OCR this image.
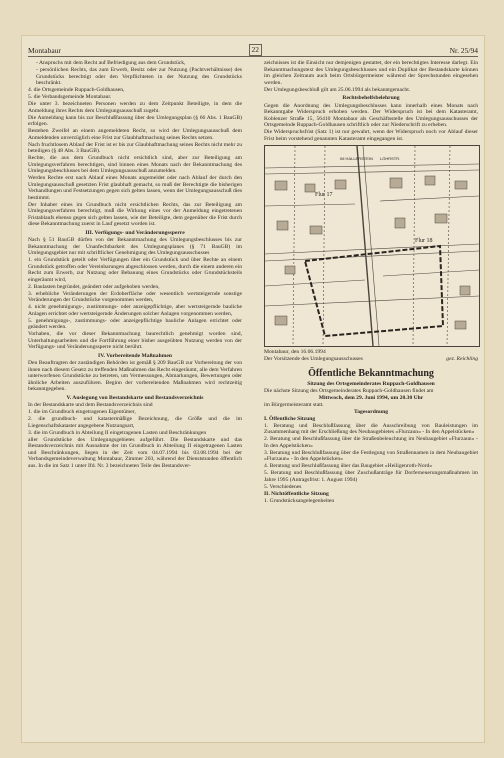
Montabaur	22	Nr. 25/94

- Anspruchs mit dem Recht auf Befriedigung aus dem Grundstück,

- persönlichen Rechts, das zum Erwerb, Besitz oder zur Nutzung (Pachtverhältnisse) des Grundstücks berechtigt oder den Verpflichteten in der Nutzung des Grundstücks beschränkt.

4. die Ortsgemeinde Ruppach-Goldhausen,

5. die Verbandsgemeinde Montabaur.

Die unter 3. bezeichneten Personen werden zu dem Zeitpunkt Beteiligte, in dem die Anmeldung ihres Rechts dem Umlegungsausschuß zugeht.

Die Anmeldung kann bis zur Beschlußfassung über den Umlegungsplan (§ 66 Abs. 1 BauGB) erfolgen.

Bestehen Zweifel an einem angemeldeten Recht, so wird der Umlegungsausschuß dem Anmeldenden unverzüglich eine Frist zur Glaubhaftmachung seines Rechts setzen.

Nach fruchtlosem Ablauf der Frist ist er bis zur Glaubhaftmachung seines Rechts nicht mehr zu beteiligen (§ 48 Abs. 3 BauGB).

Rechte, die aus dem Grundbuch nicht ersichtlich sind, aber zur Beteiligung am Umlegungsverfahren berechtigen, sind binnen eines Monats nach der Bekanntmachung des Umlegungsbeschlusses bei dem Umlegungsausschuß anzumelden.

Werden Rechte erst nach Ablauf eines Monats angemeldet oder nach Ablauf der durch den Umlegungsausschuß gesetzten Frist glaubhaft gemacht, so muß der Berechtigte die bisherigen Verhandlungen und Festsetzungen gegen sich gelten lassen, wenn der Umlegungsausschuß dies bestimmt.

Der Inhaber eines im Grundbuch nicht ersichtlichen Rechts, das zur Beteiligung am Umlegungsverfahren berechtigt, muß die Wirkung eines vor der Anmeldung eingetretenen Fristablaufs ebenso gegen sich gelten lassen, wie der Beteiligte, dem gegenüber die Frist durch diese Bekanntmachung zuerst in Lauf gesetzt worden ist.

III. Verfügungs- und Veränderungssperre

Nach § 51 BauGB dürfen von der Bekanntmachung des Umlegungsbeschlusses bis zur Bekanntmachung der Unanfechtbarkeit des Umlegungsplanes (§ 71 BauGB) im Umlegungsgebiet nur mit schriftlicher Genehmigung des Umlegungsausschusses

1. ein Grundstück geteilt oder Verfügungen über ein Grundstück und über Rechte an einem Grundstück getroffen oder Vereinbarungen abgeschlossen werden, durch die einem anderen ein Recht zum Erwerb, zur Nutzung oder Bebauung eines Grundstücks oder Grundstücksteils eingeräumt wird,

2. Baulasten begründet, geändert oder aufgehoben werden,

3. erhebliche Veränderungen der Erdoberfläche oder wesentlich wertsteigernde sonstige Veränderungen der Grundstücke vorgenommen werden,

4. nicht genehmigungs-, zustimmungs- oder anzeigepflichtige, aber wertsteigernde bauliche Anlagen errichtet oder wertsteigernde Änderungen solcher Anlagen vorgenommen werden,

5. genehmigungs-, zustimmungs- oder anzeigepflichtige bauliche Anlagen errichtet oder geändert werden.

Vorhaben, die vor dieser Bekanntmachung baurechtlich genehmigt worden sind, Unterhaltungsarbeiten und die Fortführung einer bisher ausgeübten Nutzung werden von der Verfügungs- und Veränderungssperre nicht berührt.

IV. Vorbereitende Maßnahmen

Den Beauftragten der zuständigen Behörden ist gemäß § 209 BauGB zur Vorbereitung der von ihnen nach diesem Gesetz zu treffenden Maßnahmen das Recht eingeräumt, alle dem Verfahren unterworfenen Grundstücke zu betreten, um Vermessungen, Abmarkungen, Bewertungen oder ähnliche Arbeiten auszuführen. Beginn der vorbereitenden Maßnahmen wird rechtzeitig bekanntgegeben.

V. Auslegung von Bestandskarte und Bestandsverzeichnis

In der Bestandskarte und dem Bestandsverzeichnis sind

1. die im Grundbuch eingetragenen Eigentümer,

2. die grundbuch- und katastermäßige Bezeichnung, die Größe und die im Liegenschaftskataster angegebene Nutzungsart,

3. die im Grundbuch in Abteilung II eingetragenen Lasten und Beschränkungen

aller Grundstücke des Umlegungsgebietes aufgeführt. Die Bestandskarte und das Bestandsverzeichnis mit Ausnahme der im Grundbuch in Abteilung II eingetragenen Lasten und Beschränkungen, liegen in der Zeit vom 04.07.1994 bis 03.08.1994 bei der Verbandsgemeindeverwaltung Montabaur, Zimmer 203, während der Dienststunden öffentlich aus. In die im Satz 1 unter Ifd. Nr. 3 bezeichneten Teile des Bestandsver-

zeichnisses ist die Einsicht nur demjenigen gestattet, der ein berechtigtes Interesse darlegt. Ein Bekanntmachungstext des Umlegungsbeschlusses und ein Duplikat der Bestandskarte können im gleichen Zeitraum auch beim Ortsbürgermeister während der Sprechstunden eingesehen werden.

Der Umlegungsbeschluß gilt am 25.06.1994 als bekanntgemacht.

Rechtsbehelfsbelehrung

Gegen die Anordnung des Umlegungsbeschlusses kann innerhalb eines Monats nach Bekanntgabe Widerspruch erhoben werden. Der Widerspruch ist bei dem Katasteramt, Koblenzer Straße 15, 56410 Montabaur als Geschäftsstelle des Umlegungsausschusses der Ortsgemeinde Ruppach-Goldhausen schriftlich oder zur Niederschrift zu erheben.

Die Widerspruchsfrist (Satz 1) ist nur gewahrt, wenn der Widerspruch noch vor Ablauf dieser Frist beim vorstehend genannten Katasteramt eingegangen ist.

IM HALLERSTEIN LÖHRSTR.
Flur 17
Flur 18

Montabaur, den 16.06.1994

Der Vorsitzende des Umlegungsausschusses	gez. Reichling
Öffentliche Bekanntmachung

Sitzung des Ortsgemeinderates Ruppach-Goldhausen

Die nächste Sitzung des Ortsgemeinderates Ruppach-Goldhausen findet am

Mittwoch, dem 29. Juni 1994, um 20.30 Uhr

im Bürgermeisteramt statt.

Tagesordnung

I. Öffentliche Sitzung

1. Beratung und Beschlußfassung über die Ausschreibung von Bauleistungen im Zusammenhang mit der Erschließung des Neubaugebietes »Flurzaun« - In den Appelstücken«

2. Beratung und Beschlußfassung über die Straßenbeleuchtung im Neubaugebiet »Flurzaun« - In den Appelstücken«

3. Beratung und Beschlußfassung über die Festlegung von Straßennamen in dem Neubaugebiet »Flurzaun« - In den Appelstücken«

4. Beratung und Beschlußfassung über das Baugebiet »Heiligenroth-Nord«

5. Beratung und Beschlußfassung über Zuschußanträge für Dorferneuerungsmaßnahmen im Jahre 1995 (Antragsfrist: 1. August 1994)

5. Verschiedenes

II. Nichtöffentliche Sitzung

1. Grundstücksangelegenheiten
